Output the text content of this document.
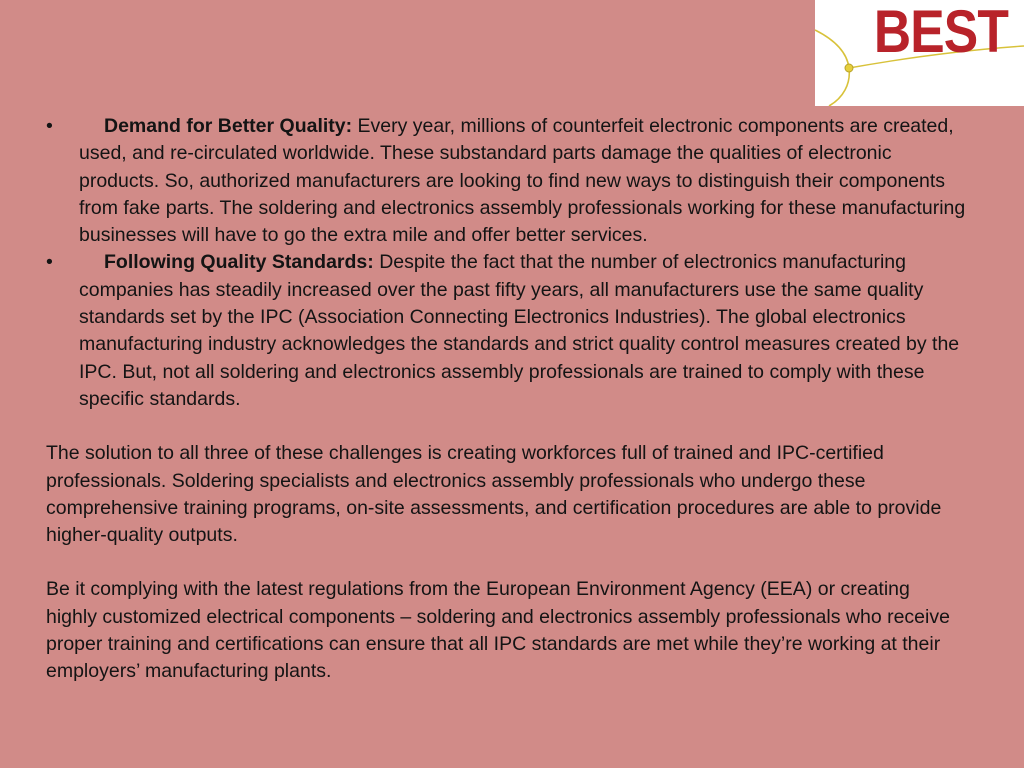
BEST
•	Demand for Better Quality: Every year, millions of counterfeit electronic components are created, used, and re-circulated worldwide. These substandard parts damage the qualities of electronic products. So, authorized manufacturers are looking to find new ways to distinguish their components from fake parts. The soldering and electronics assembly professionals working for these manufacturing businesses will have to go the extra mile and offer better services.
•	Following Quality Standards: Despite the fact that the number of electronics manufacturing companies has steadily increased over the past fifty years, all manufacturers use the same quality standards set by the IPC (Association Connecting Electronics Industries). The global electronics manufacturing industry acknowledges the standards and strict quality control measures created by the IPC. But, not all soldering and electronics assembly professionals are trained to comply with these specific standards.

The solution to all three of these challenges is creating workforces full of trained and IPC-certified professionals. Soldering specialists and electronics assembly professionals who undergo these comprehensive training programs, on-site assessments, and certification procedures are able to provide higher-quality outputs.

Be it complying with the latest regulations from the European Environment Agency (EEA) or creating highly customized electrical components – soldering and electronics assembly professionals who receive proper training and certifications can ensure that all IPC standards are met while they’re working at their employers’ manufacturing plants.
